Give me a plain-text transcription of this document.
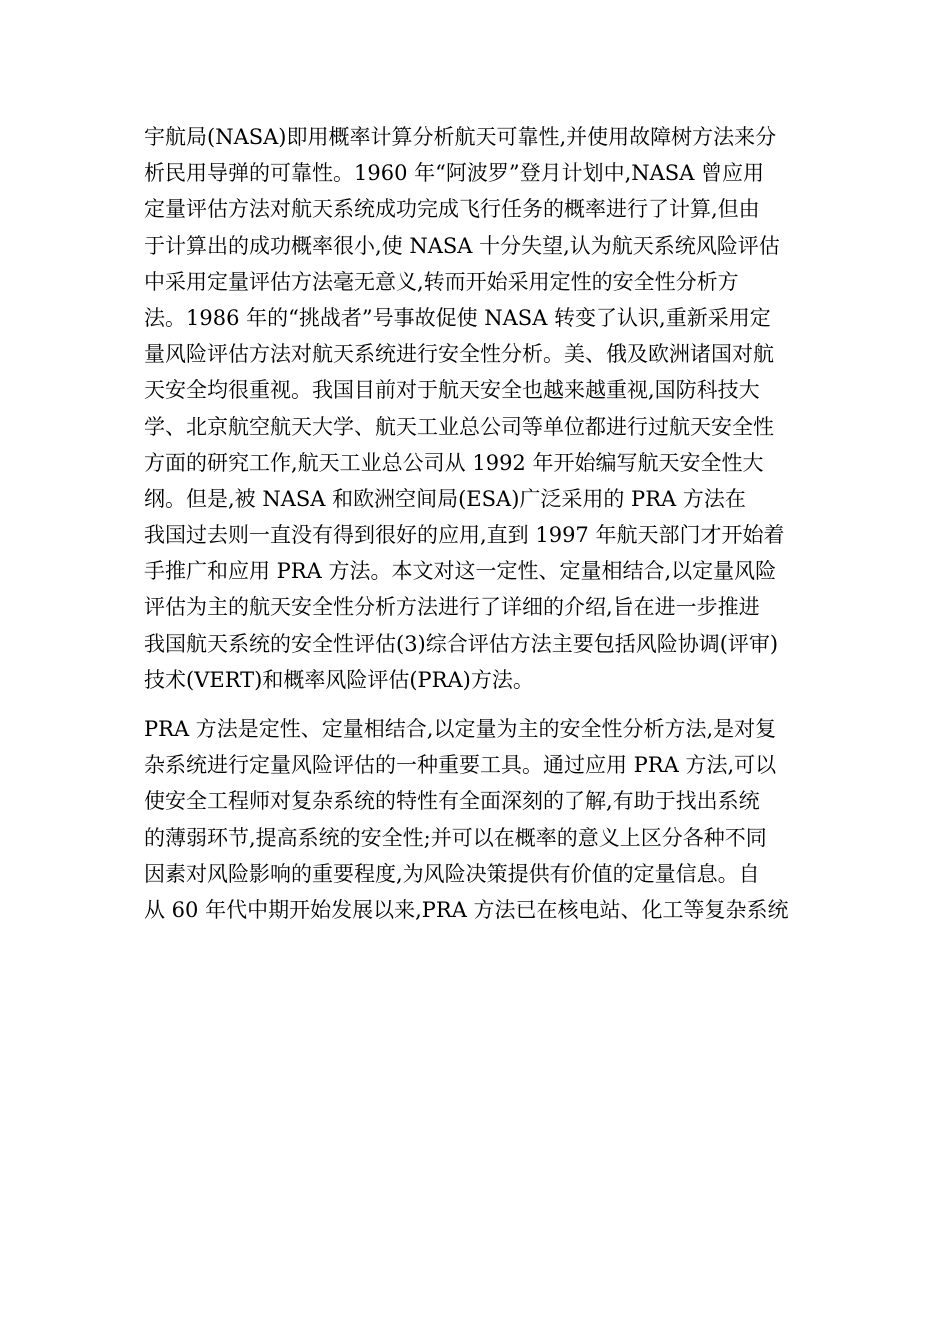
宇航局(NASA)即用概率计算分析航天可靠性,并使用故障树方法来分
析民用导弹的可靠性。1960 年“阿波罗”登月计划中,NASA 曾应用
定量评估方法对航天系统成功完成飞行任务的概率进行了计算,但由
于计算出的成功概率很小,使 NASA 十分失望,认为航天系统风险评估
中采用定量评估方法毫无意义,转而开始采用定性的安全性分析方
法。1986 年的“挑战者”号事故促使 NASA 转变了认识,重新采用定
量风险评估方法对航天系统进行安全性分析。美、俄及欧洲诸国对航
天安全均很重视。我国目前对于航天安全也越来越重视,国防科技大
学、北京航空航天大学、航天工业总公司等单位都进行过航天安全性
方面的研究工作,航天工业总公司从 1992 年开始编写航天安全性大
纲。但是,被 NASA 和欧洲空间局(ESA)广泛采用的 PRA 方法在
我国过去则一直没有得到很好的应用,直到 1997 年航天部门才开始着
手推广和应用 PRA 方法。本文对这一定性、定量相结合,以定量风险
评估为主的航天安全性分析方法进行了详细的介绍,旨在进一步推进
我国航天系统的安全性评估(3)综合评估方法主要包括风险协调(评审)
技术(VERT)和概率风险评估(PRA)方法。
PRA 方法是定性、定量相结合,以定量为主的安全性分析方法,是对复
杂系统进行定量风险评估的一种重要工具。通过应用 PRA 方法,可以
使安全工程师对复杂系统的特性有全面深刻的了解,有助于找出系统
的薄弱环节,提高系统的安全性;并可以在概率的意义上区分各种不同
因素对风险影响的重要程度,为风险决策提供有价值的定量信息。自
从 60 年代中期开始发展以来,PRA 方法已在核电站、化工等复杂系统
